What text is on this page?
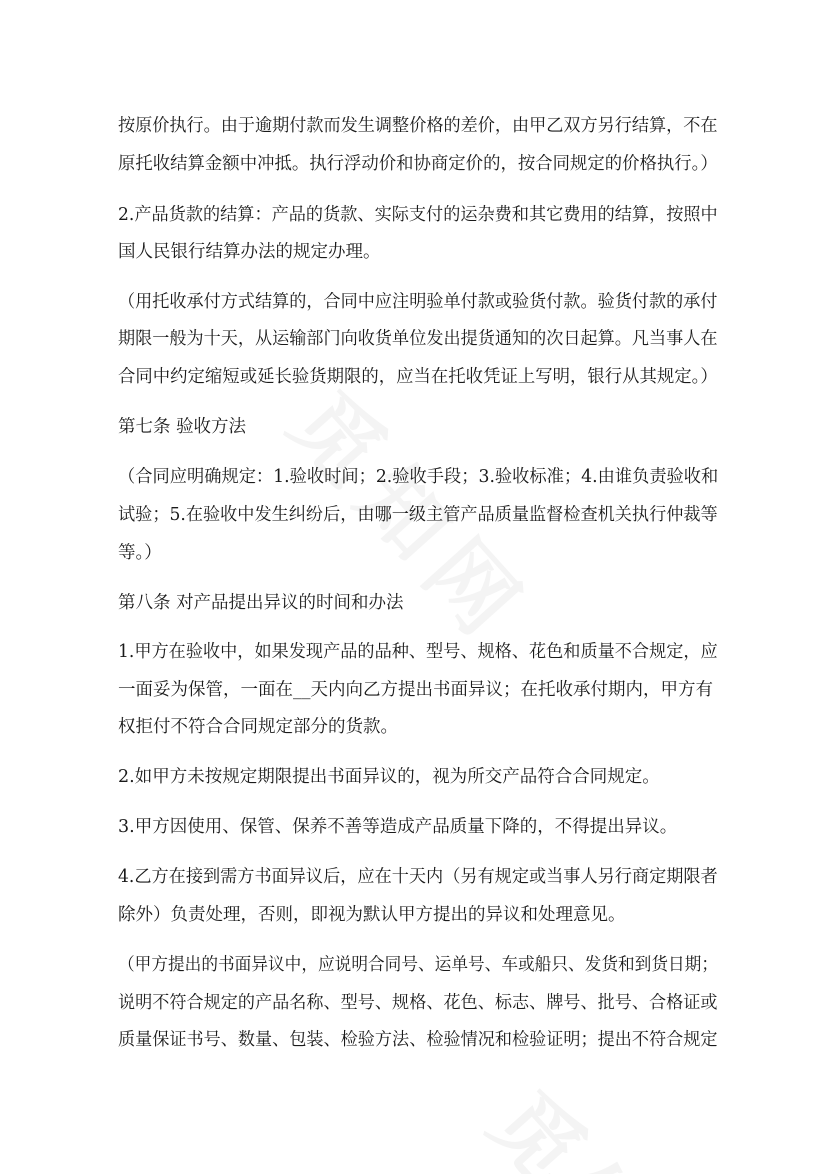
按原价执行。由于逾期付款而发生调整价格的差价，由甲乙双方另行结算，不在
原托收结算金额中冲抵。执行浮动价和协商定价的，按合同规定的价格执行。）
2.产品货款的结算：产品的货款、实际支付的运杂费和其它费用的结算，按照中
国人民银行结算办法的规定办理。
（用托收承付方式结算的，合同中应注明验单付款或验货付款。验货付款的承付
期限一般为十天，从运输部门向收货单位发出提货通知的次日起算。凡当事人在
合同中约定缩短或延长验货期限的，应当在托收凭证上写明，银行从其规定。）
第七条 验收方法
（合同应明确规定：1.验收时间；2.验收手段；3.验收标准；4.由谁负责验收和
试验；5.在验收中发生纠纷后，由哪一级主管产品质量监督检查机关执行仲裁等
等。）
第八条 对产品提出异议的时间和办法
1.甲方在验收中，如果发现产品的品种、型号、规格、花色和质量不合规定，应
一面妥为保管，一面在__天内向乙方提出书面异议；在托收承付期内，甲方有
权拒付不符合合同规定部分的货款。
2.如甲方未按规定期限提出书面异议的，视为所交产品符合合同规定。
3.甲方因使用、保管、保养不善等造成产品质量下降的，不得提出异议。
4.乙方在接到需方书面异议后，应在十天内（另有规定或当事人另行商定期限者
除外）负责处理，否则，即视为默认甲方提出的异议和处理意见。
（甲方提出的书面异议中，应说明合同号、运单号、车或船只、发货和到货日期；
说明不符合规定的产品名称、型号、规格、花色、标志、牌号、批号、合格证或
质量保证书号、数量、包装、检验方法、检验情况和检验证明；提出不符合规定
